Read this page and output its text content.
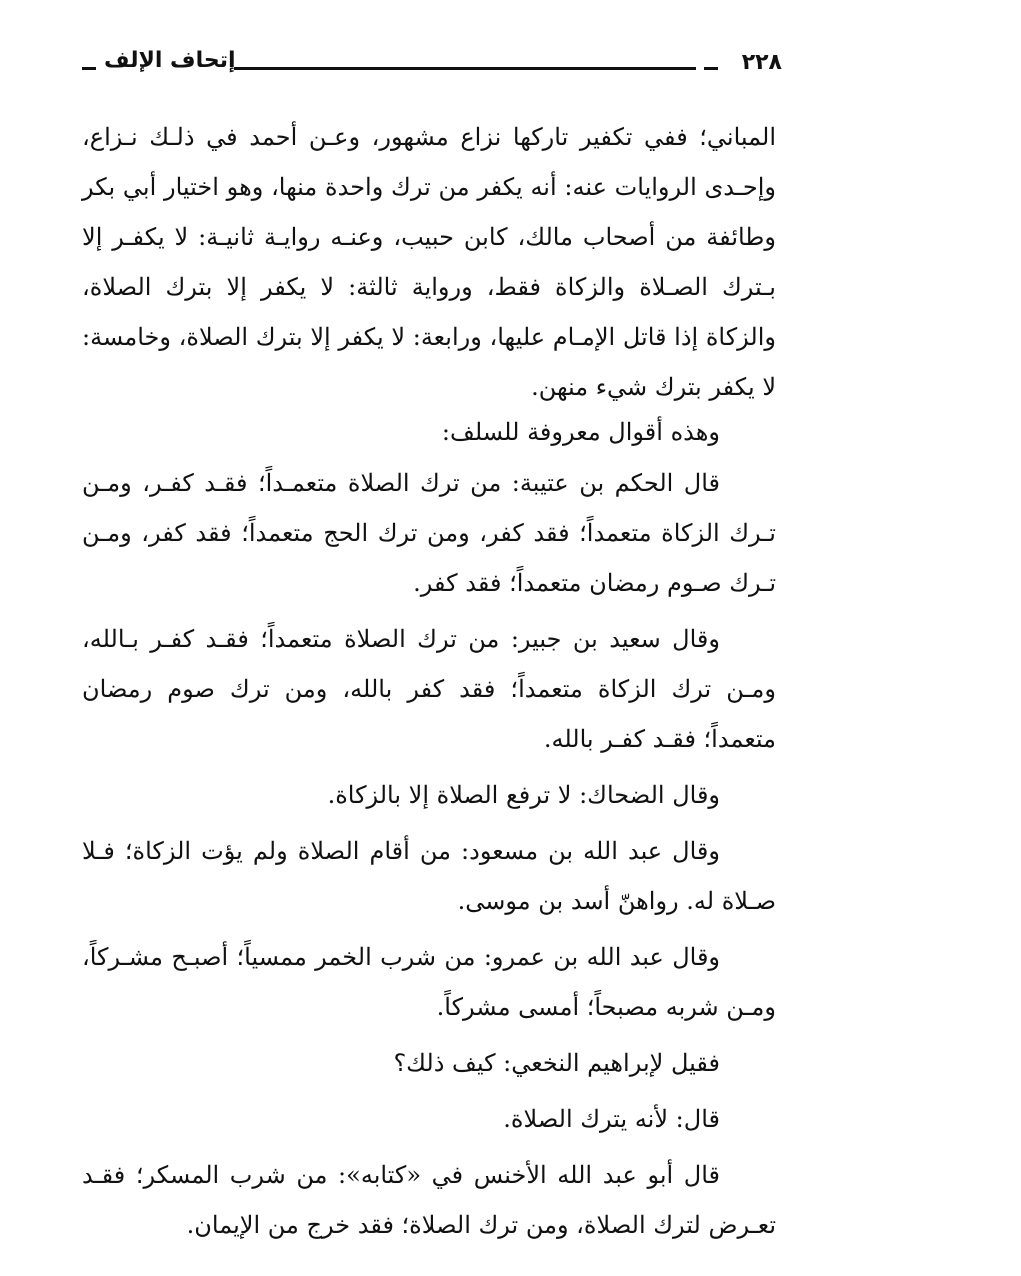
٢٢٨
إتحاف الإلف

المباني؛ ففي تكفير تاركها نزاع مشهور، وعـن أحمد في ذلـك نـزاع، وإحـدى الروايات عنه: أنه يكفر من ترك واحدة منها، وهو اختيار أبي بكر وطائفة من أصحاب مالك، كابن حبيب، وعنـه روايـة ثانيـة: لا يكفـر إلا بـترك الصـلاة والزكاة فقط، ورواية ثالثة: لا يكفر إلا بترك الصلاة، والزكاة إذا قاتل الإمـام عليها، ورابعة: لا يكفر إلا بترك الصلاة، وخامسة: لا يكفر بترك شيء منهن.

وهذه أقوال معروفة للسلف:

قال الحكم بن عتيبة: من ترك الصلاة متعمـداً؛ فقـد كفـر، ومـن تـرك الزكاة متعمداً؛ فقد كفر، ومن ترك الحج متعمداً؛ فقد كفر، ومـن تـرك صـوم رمضان متعمداً؛ فقد كفر.

وقال سعيد بن جبير: من ترك الصلاة متعمداً؛ فقـد كفـر بـالله، ومـن ترك الزكاة متعمداً؛ فقد كفر بالله، ومن ترك صوم رمضان متعمداً؛ فقـد كفـر بالله.

وقال الضحاك: لا ترفع الصلاة إلا بالزكاة.

وقال عبد الله بن مسعود: من أقام الصلاة ولم يؤت الزكاة؛ فـلا صـلاة له. رواهنّ أسد بن موسى.

وقال عبد الله بن عمرو: من شرب الخمر ممسياً؛ أصبـح مشـركاً، ومـن شربه مصبحاً؛ أمسى مشركاً.

فقيل لإبراهيم النخعي: كيف ذلك؟

قال: لأنه يترك الصلاة.

قال أبو عبد الله الأخنس في «كتابه»: من شرب المسكر؛ فقـد تعـرض لترك الصلاة، ومن ترك الصلاة؛ فقد خرج من الإيمان.
